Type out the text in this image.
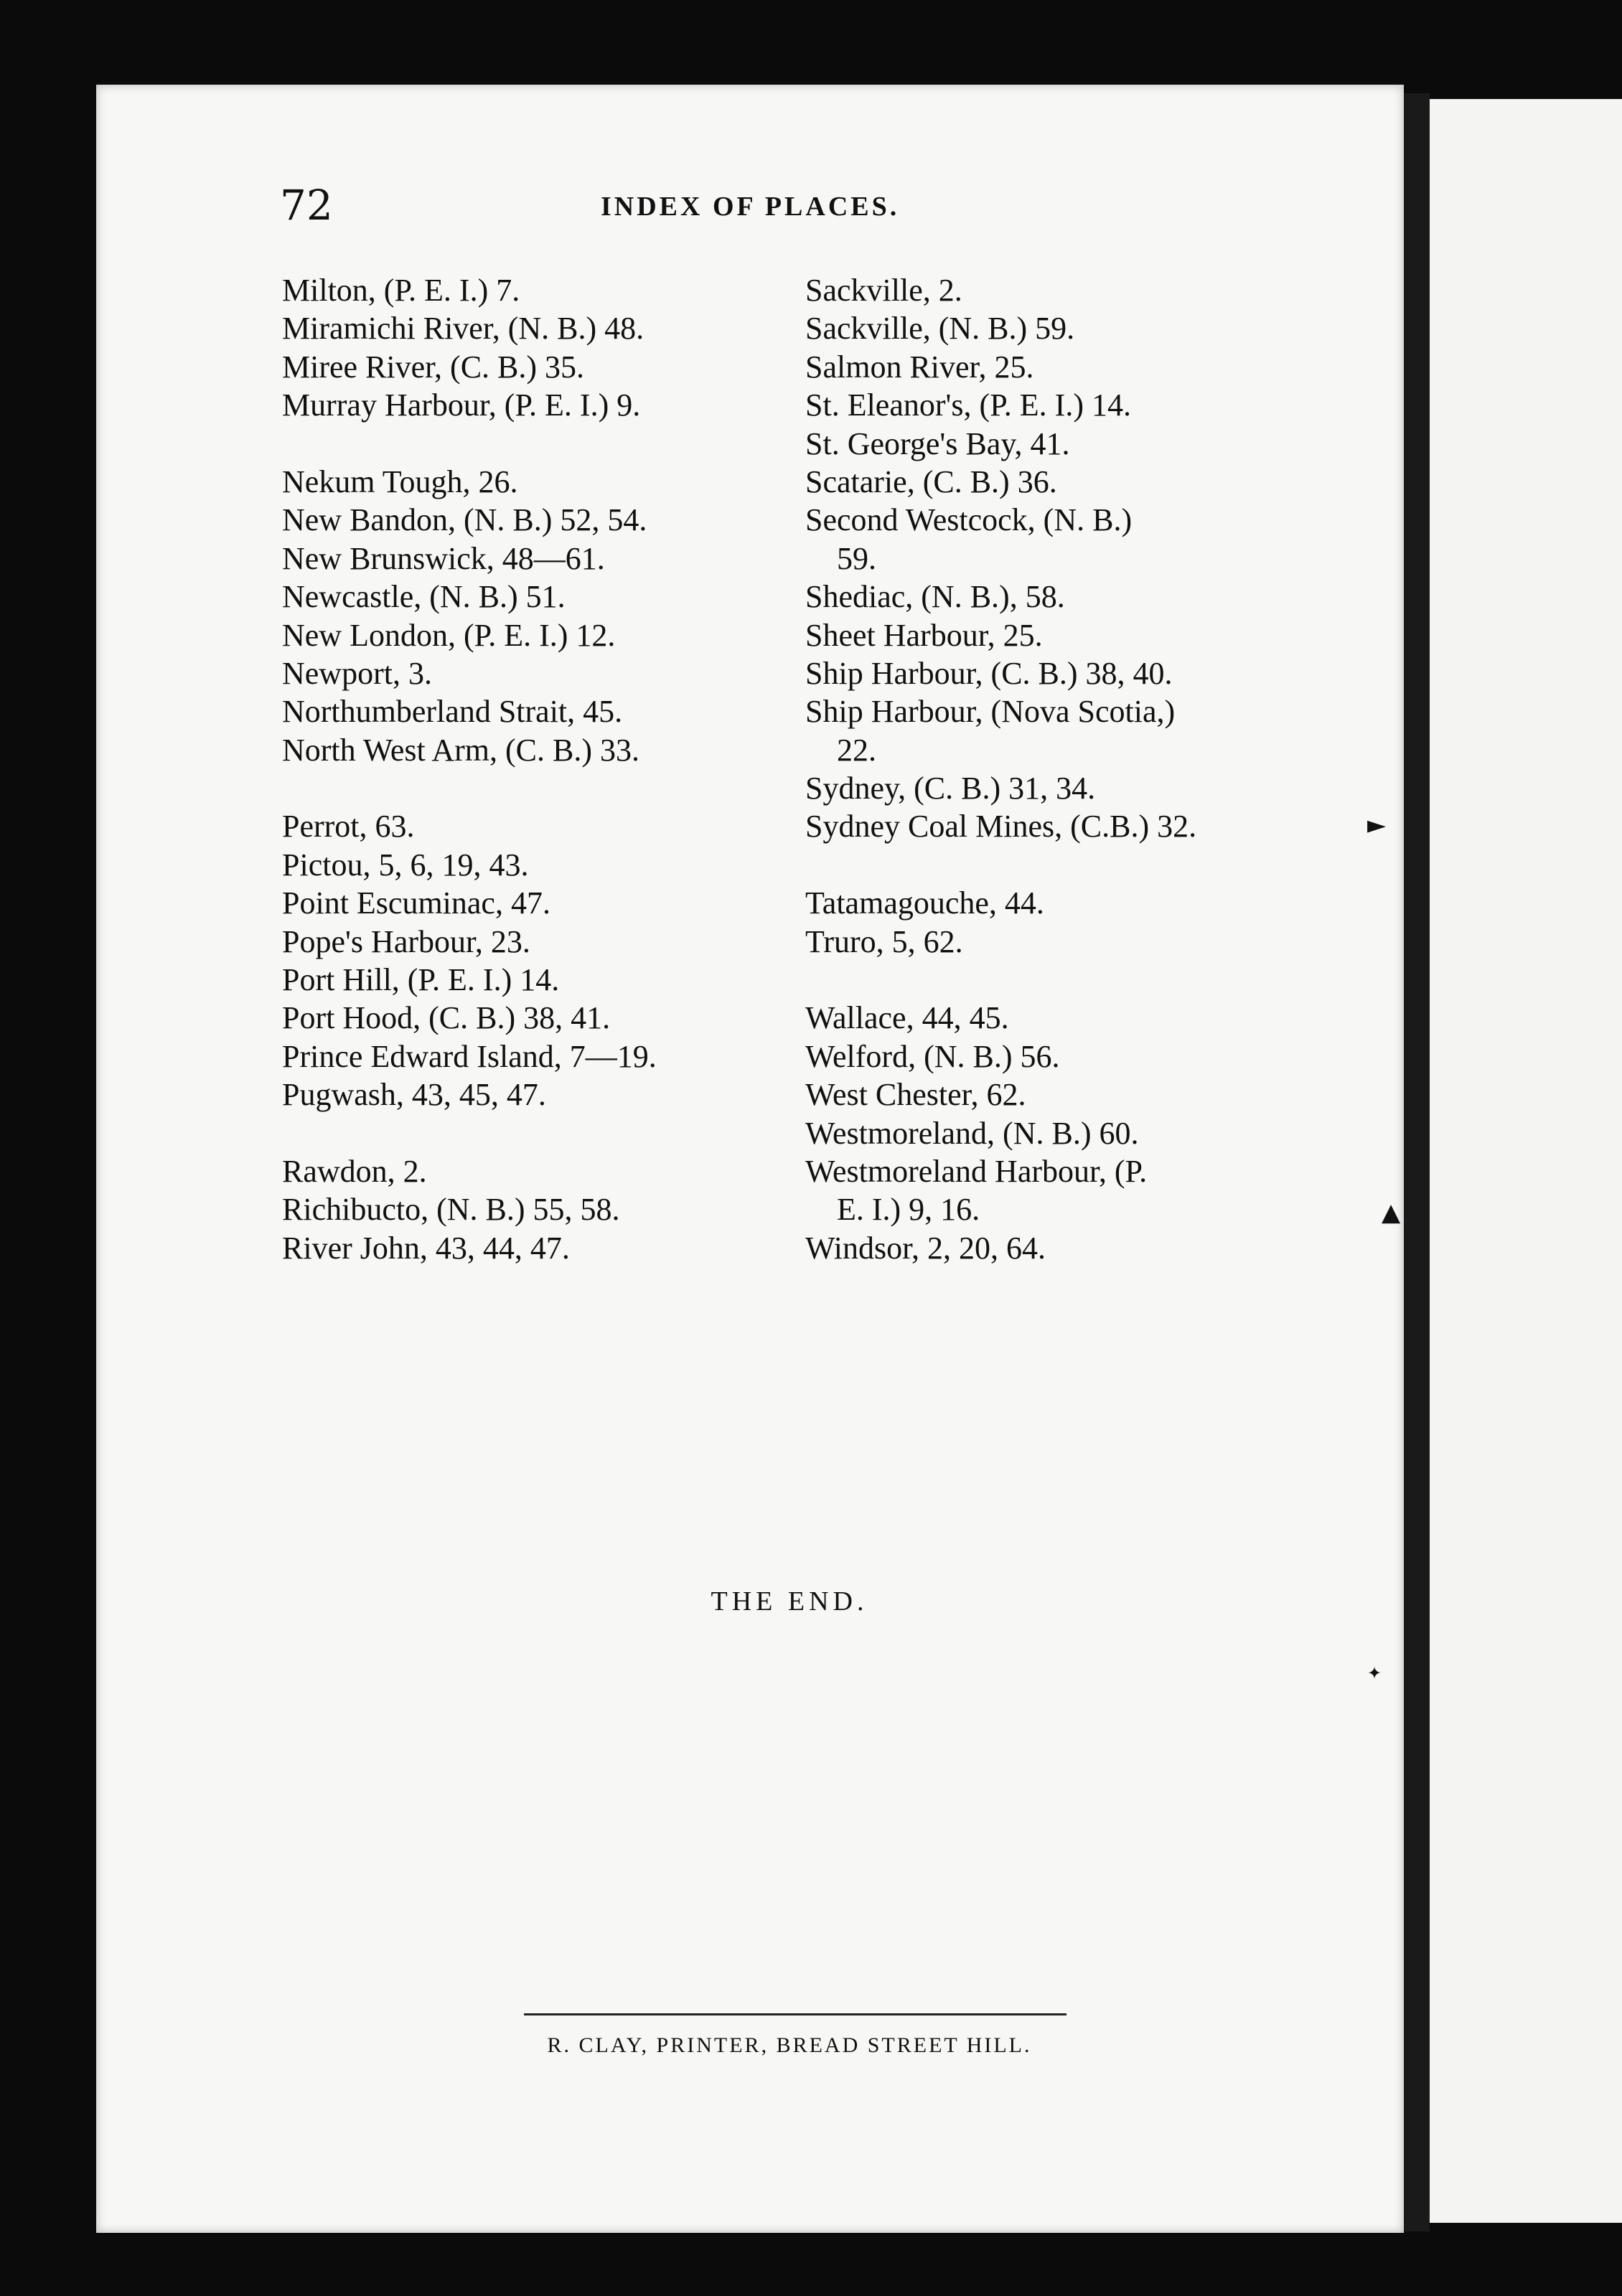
72	INDEX OF PLACES.
Milton, (P. E. I.) 7.
Miramichi River, (N. B.) 48.
Miree River, (C. B.) 35.
Murray Harbour, (P. E. I.) 9.
Nekum Tough, 26.
New Bandon, (N. B.) 52, 54.
New Brunswick, 48—61.
Newcastle, (N. B.) 51.
New London, (P. E. I.) 12.
Newport, 3.
Northumberland Strait, 45.
North West Arm, (C. B.) 33.
Perrot, 63.
Pictou, 5, 6, 19, 43.
Point Escuminac, 47.
Pope's Harbour, 23.
Port Hill, (P. E. I.) 14.
Port Hood, (C. B.) 38, 41.
Prince Edward Island, 7—19.
Pugwash, 43, 45, 47.
Rawdon, 2.
Richibucto, (N. B.) 55, 58.
River John, 43, 44, 47.
Sackville, 2.
Sackville, (N. B.) 59.
Salmon River, 25.
St. Eleanor's, (P. E. I.) 14.
St. George's Bay, 41.
Scatarie, (C. B.) 36.
Second Westcock, (N. B.)
59.
Shediac, (N. B.), 58.
Sheet Harbour, 25.
Ship Harbour, (C. B.) 38, 40.
Ship Harbour, (Nova Scotia,)
22.
Sydney, (C. B.) 31, 34.
Sydney Coal Mines, (C.B.) 32.
Tatamagouche, 44.
Truro, 5, 62.
Wallace, 44, 45.
Welford, (N. B.) 56.
West Chester, 62.
Westmoreland, (N. B.) 60.
Westmoreland Harbour, (P.
E. I.) 9, 16.
Windsor, 2, 20, 64.
THE END.
R. CLAY, PRINTER, BREAD STREET HILL.
►
▲
✦
